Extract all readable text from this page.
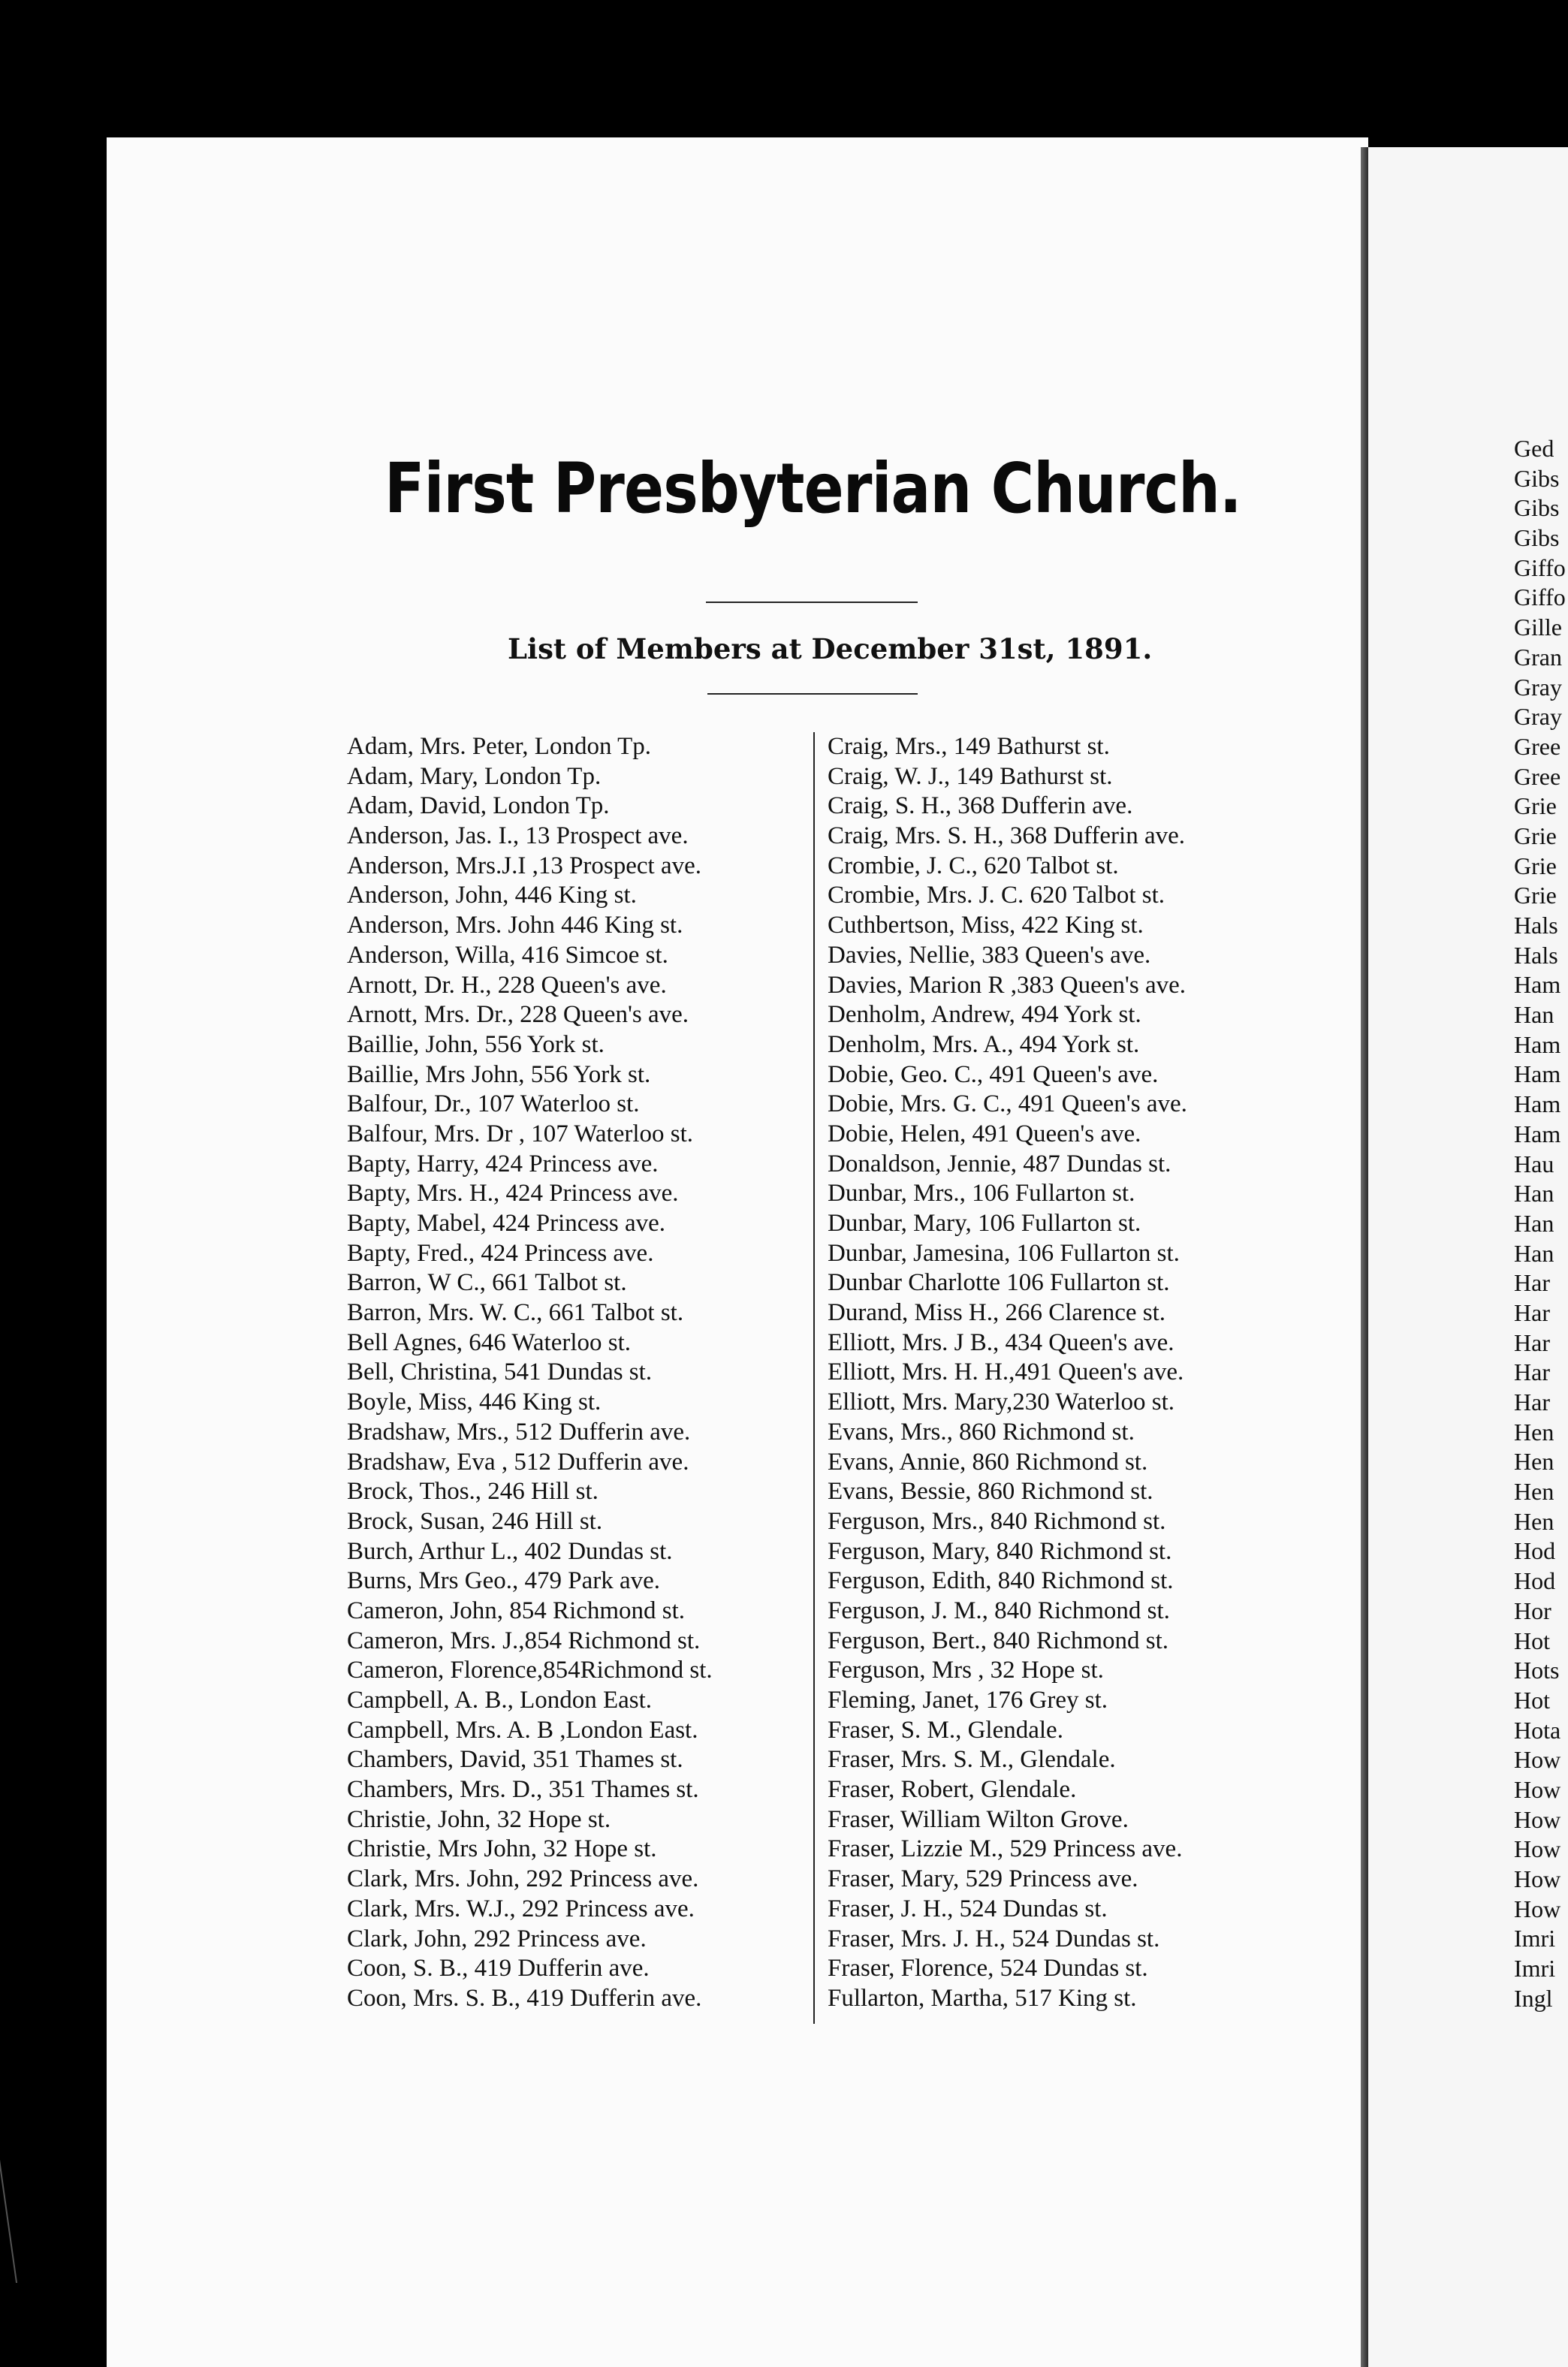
First Presbyterian Church.
List of Members at December 31st, 1891.
Adam, Mrs. Peter, London Tp.
Adam, Mary, London Tp.
Adam, David, London Tp.
Anderson, Jas. I., 13 Prospect ave.
Anderson, Mrs.J.I ,13 Prospect ave.
Anderson, John, 446 King st.
Anderson, Mrs. John 446 King st.
Anderson, Willa, 416 Simcoe st.
Arnott, Dr. H., 228 Queen's ave.
Arnott, Mrs. Dr., 228 Queen's ave.
Baillie, John, 556 York st.
Baillie, Mrs John, 556 York st.
Balfour, Dr., 107 Waterloo st.
Balfour, Mrs. Dr , 107 Waterloo st.
Bapty, Harry, 424 Princess ave.
Bapty, Mrs. H., 424 Princess ave.
Bapty, Mabel, 424 Princess ave.
Bapty, Fred., 424 Princess ave.
Barron, W C., 661 Talbot st.
Barron, Mrs. W. C., 661 Talbot st.
Bell Agnes, 646 Waterloo st.
Bell, Christina, 541 Dundas st.
Boyle, Miss, 446 King st.
Bradshaw, Mrs., 512 Dufferin ave.
Bradshaw, Eva , 512 Dufferin ave.
Brock, Thos., 246 Hill st.
Brock, Susan, 246 Hill st.
Burch, Arthur L., 402 Dundas st.
Burns, Mrs Geo., 479 Park ave.
Cameron, John, 854 Richmond st.
Cameron, Mrs. J.,854 Richmond st.
Cameron, Florence,854Richmond st.
Campbell, A. B., London East.
Campbell, Mrs. A. B ,London East.
Chambers, David, 351 Thames st.
Chambers, Mrs. D., 351 Thames st.
Christie, John, 32 Hope st.
Christie, Mrs John, 32 Hope st.
Clark, Mrs. John, 292 Princess ave.
Clark, Mrs. W.J., 292 Princess ave.
Clark, John, 292 Princess ave.
Coon, S. B., 419 Dufferin ave.
Coon, Mrs. S. B., 419 Dufferin ave.
Craig, Mrs., 149 Bathurst st.
Craig, W. J., 149 Bathurst st.
Craig, S. H., 368 Dufferin ave.
Craig, Mrs. S. H., 368 Dufferin ave.
Crombie, J. C., 620 Talbot st.
Crombie, Mrs. J. C. 620 Talbot st.
Cuthbertson, Miss, 422 King st.
Davies, Nellie, 383 Queen's ave.
Davies, Marion R ,383 Queen's ave.
Denholm, Andrew, 494 York st.
Denholm, Mrs. A., 494 York st.
Dobie, Geo. C., 491 Queen's ave.
Dobie, Mrs. G. C., 491 Queen's ave.
Dobie, Helen, 491 Queen's ave.
Donaldson, Jennie, 487 Dundas st.
Dunbar, Mrs., 106 Fullarton st.
Dunbar, Mary, 106 Fullarton st.
Dunbar, Jamesina, 106 Fullarton st.
Dunbar Charlotte 106 Fullarton st.
Durand, Miss H., 266 Clarence st.
Elliott, Mrs. J B., 434 Queen's ave.
Elliott, Mrs. H. H.,491 Queen's ave.
Elliott, Mrs. Mary,230 Waterloo st.
Evans, Mrs., 860 Richmond st.
Evans, Annie, 860 Richmond st.
Evans, Bessie, 860 Richmond st.
Ferguson, Mrs., 840 Richmond st.
Ferguson, Mary, 840 Richmond st.
Ferguson, Edith, 840 Richmond st.
Ferguson, J. M., 840 Richmond st.
Ferguson, Bert., 840 Richmond st.
Ferguson, Mrs , 32 Hope st.
Fleming, Janet, 176 Grey st.
Fraser, S. M., Glendale.
Fraser, Mrs. S. M., Glendale.
Fraser, Robert, Glendale.
Fraser, William Wilton Grove.
Fraser, Lizzie M., 529 Princess ave.
Fraser, Mary, 529 Princess ave.
Fraser, J. H., 524 Dundas st.
Fraser, Mrs. J. H., 524 Dundas st.
Fraser, Florence, 524 Dundas st.
Fullarton, Martha, 517 King st.
Ged
Gibs
Gibs
Gibs
Giffo
Giffo
Gille
Gran
Gray
Gray
Gree
Gree
Grie
Grie
Grie
Grie
Hals
Hals
Ham
Han
Ham
Ham
Ham
Ham
Hau
Han
Han
Han
Har
Har
Har
Har
Har
Hen
Hen
Hen
Hen
Hod
Hod
Hor
Hot
Hots
Hot
Hota
How
How
How
How
How
How
Imri
Imri
Ingl
